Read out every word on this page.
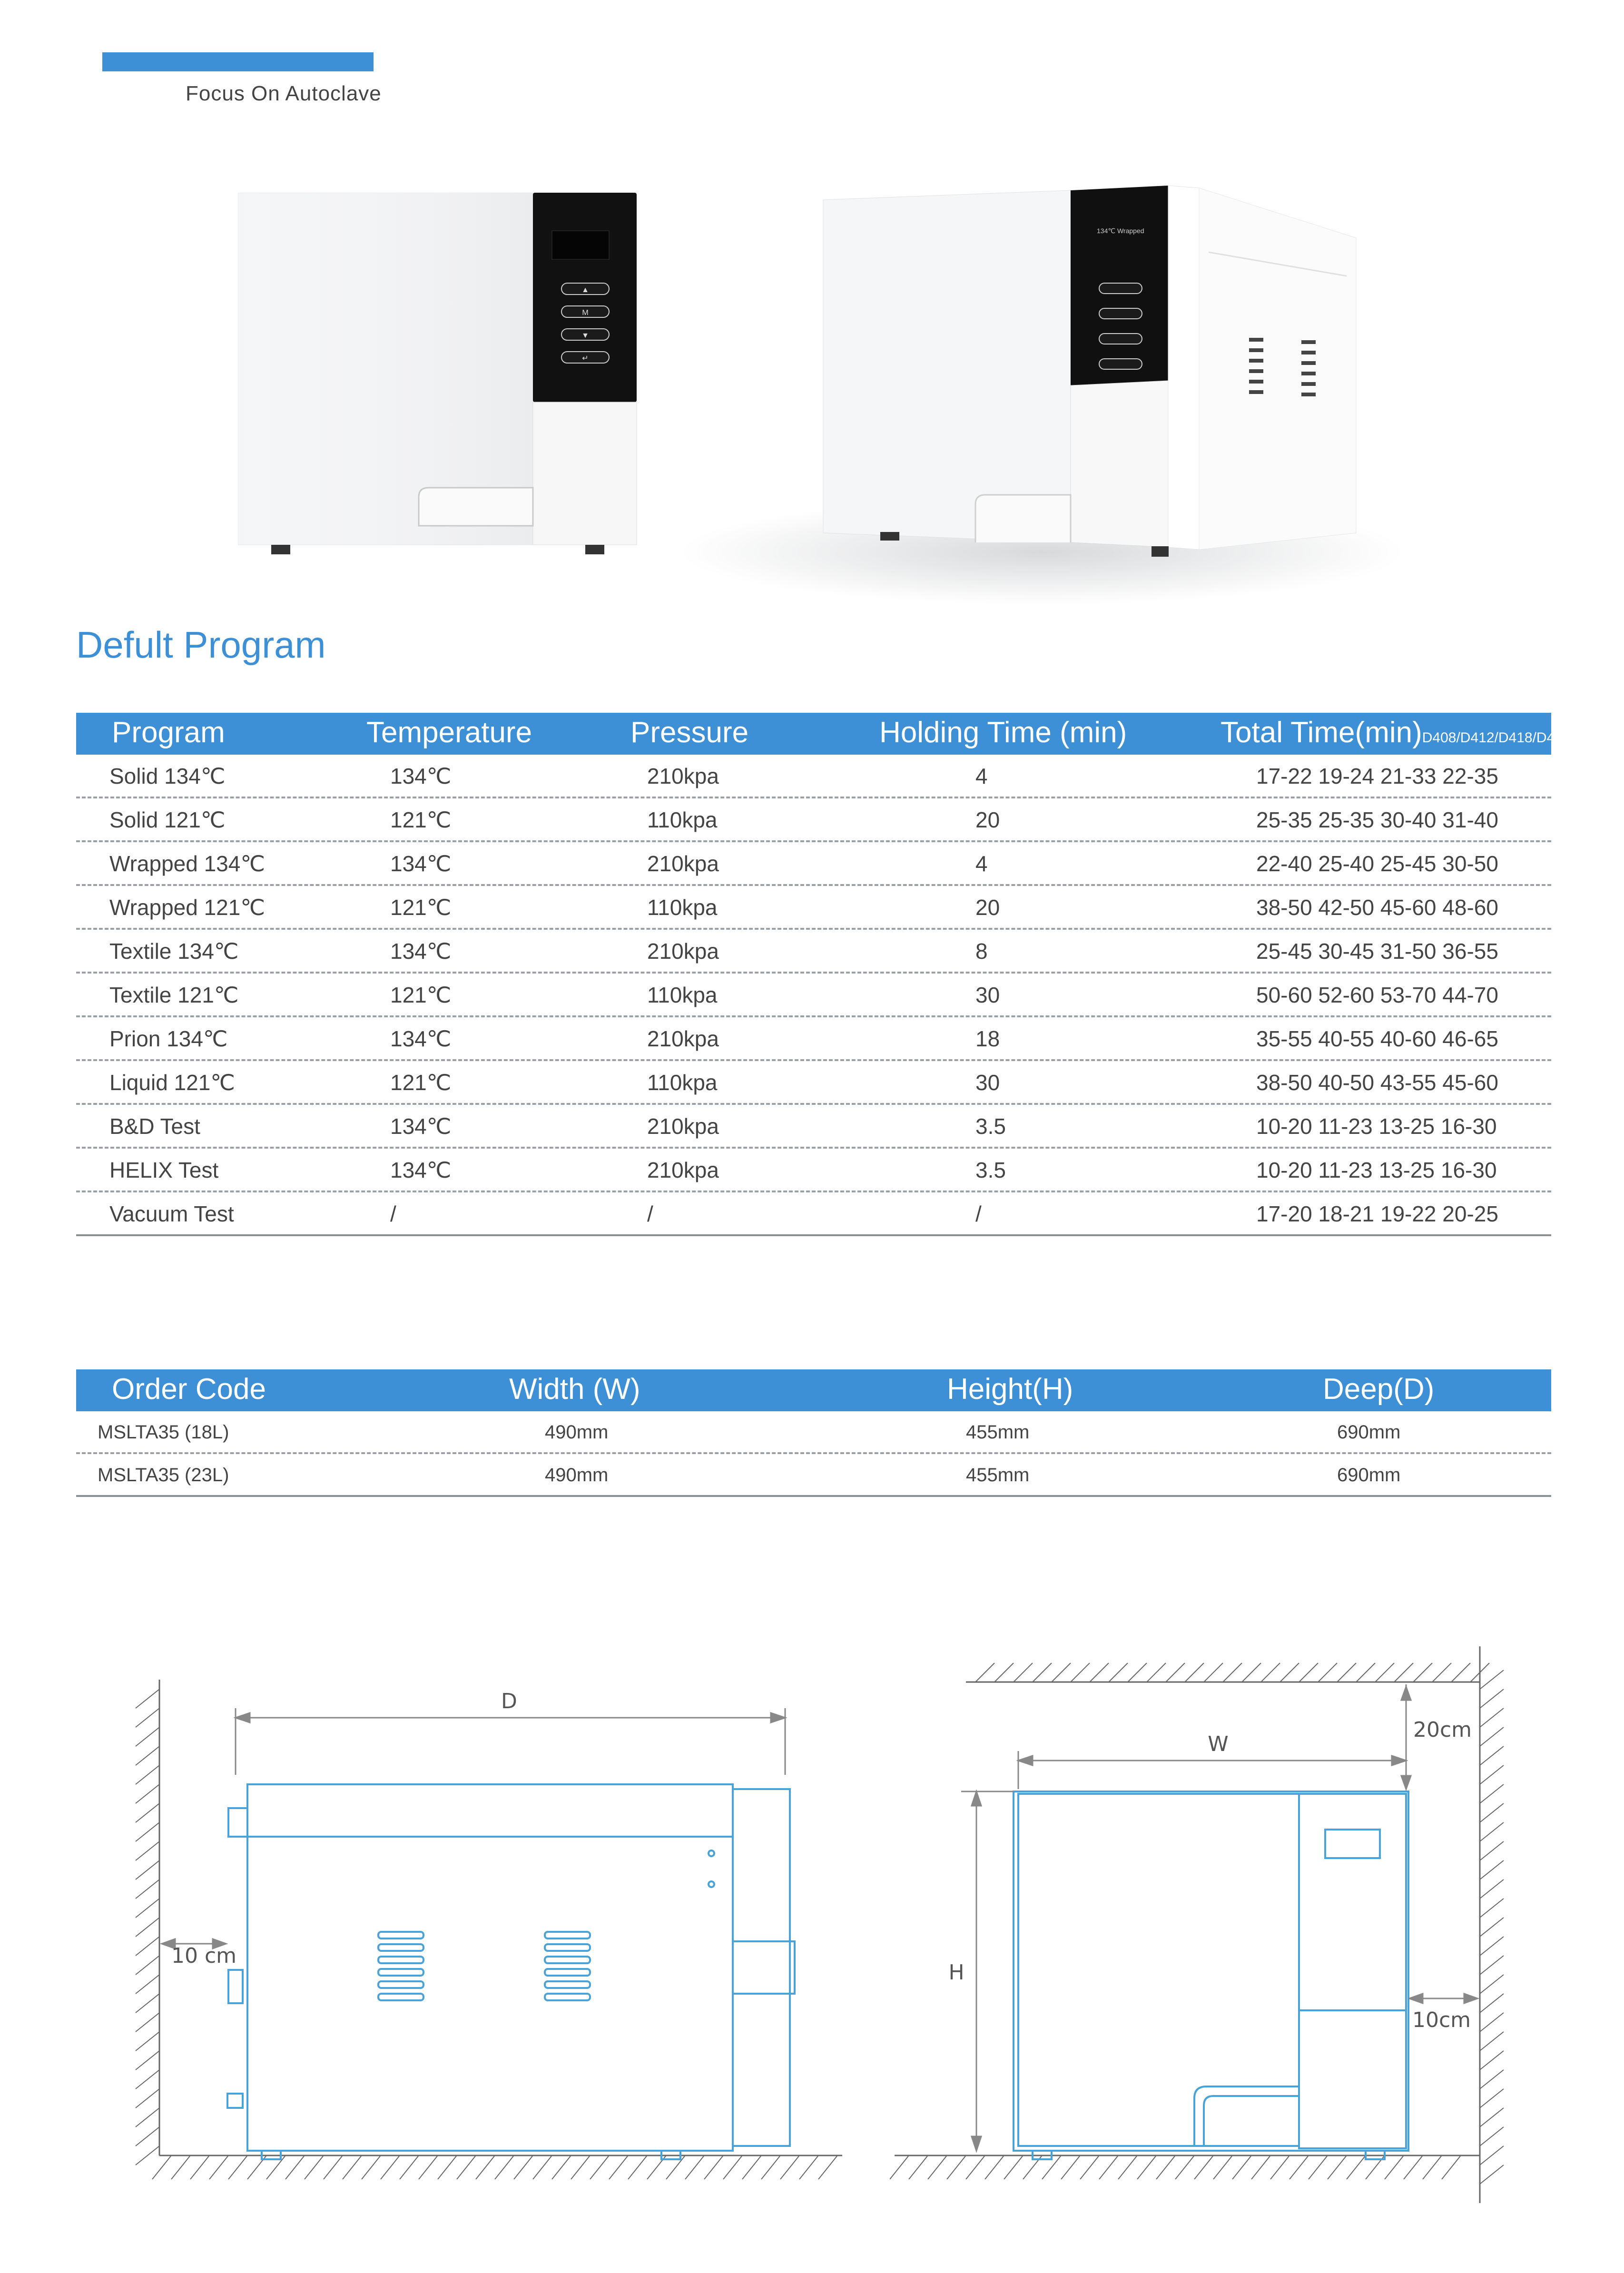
Focus On Autoclave
▲
M
▼
↵
134℃ Wrapped
Defult Program
Program	Temperature	Pressure	Holding Time (min)	Total Time(min)D408/D412/D418/D423
Solid 134℃	134℃	210kpa	4	17-22 19-24 21-33 22-35
Solid 121℃	121℃	110kpa	20	25-35 25-35 30-40 31-40
Wrapped 134℃	134℃	210kpa	4	22-40 25-40 25-45 30-50
Wrapped 121℃	121℃	110kpa	20	38-50 42-50 45-60 48-60
Textile 134℃	134℃	210kpa	8	25-45 30-45 31-50 36-55
Textile 121℃	121℃	110kpa	30	50-60 52-60 53-70 44-70
Prion 134℃	134℃	210kpa	18	35-55 40-55 40-60 46-65
Liquid 121℃	121℃	110kpa	30	38-50 40-50 43-55 45-60
B&D Test	134℃	210kpa	3.5	10-20 11-23 13-25 16-30
HELIX Test	134℃	210kpa	3.5	10-20 11-23 13-25 16-30
Vacuum Test	/	/	/	17-20 18-21 19-22 20-25
Order Code	Width (W)	Height(H)	Deep(D)
MSLTA35 (18L)	490mm	455mm	690mm
MSLTA35 (23L)	490mm	455mm	690mm
D
10 cm
W
H
20cm
10cm
